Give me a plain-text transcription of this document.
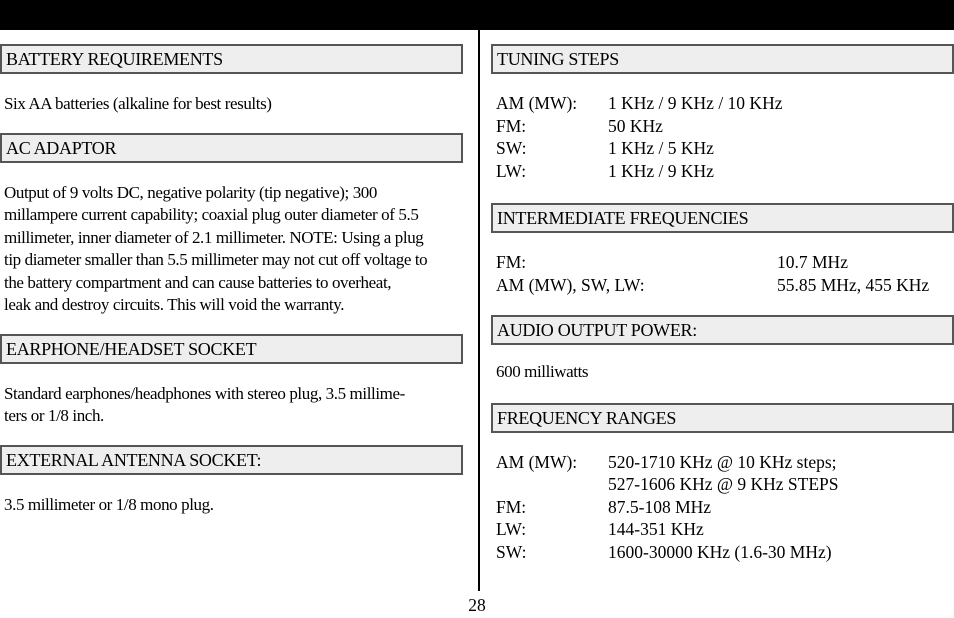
BATTERY REQUIREMENTS

Six AA batteries (alkaline for best results)

AC ADAPTOR

Output of 9 volts DC, negative polarity (tip negative); 300

millampere current capability; coaxial plug outer diameter of 5.5

millimeter, inner diameter of 2.1 millimeter. NOTE: Using a plug

tip diameter smaller than 5.5 millimeter may not cut off voltage to

the battery compartment and can cause batteries to overheat,

leak and destroy circuits. This will void the warranty.

EARPHONE/HEADSET SOCKET

Standard earphones/headphones with stereo plug, 3.5 millime-

ters or 1/8 inch.

EXTERNAL ANTENNA SOCKET:

3.5 millimeter or 1/8 mono plug.

TUNING STEPS
AM (MW):	1 KHz / 9 KHz / 10 KHz
FM:	50 KHz
SW:	1 KHz / 5 KHz
LW:	1 KHz / 9 KHz
INTERMEDIATE FREQUENCIES
FM:	10.7 MHz
AM (MW), SW, LW:	55.85 MHz, 455 KHz
AUDIO OUTPUT POWER:

600 milliwatts

FREQUENCY RANGES
AM (MW):	520-1710 KHz @ 10 KHz steps;
	527-1606 KHz @ 9 KHz STEPS
FM:	87.5-108 MHz
LW:	144-351 KHz
SW:	1600-30000 KHz (1.6-30 MHz)
28
